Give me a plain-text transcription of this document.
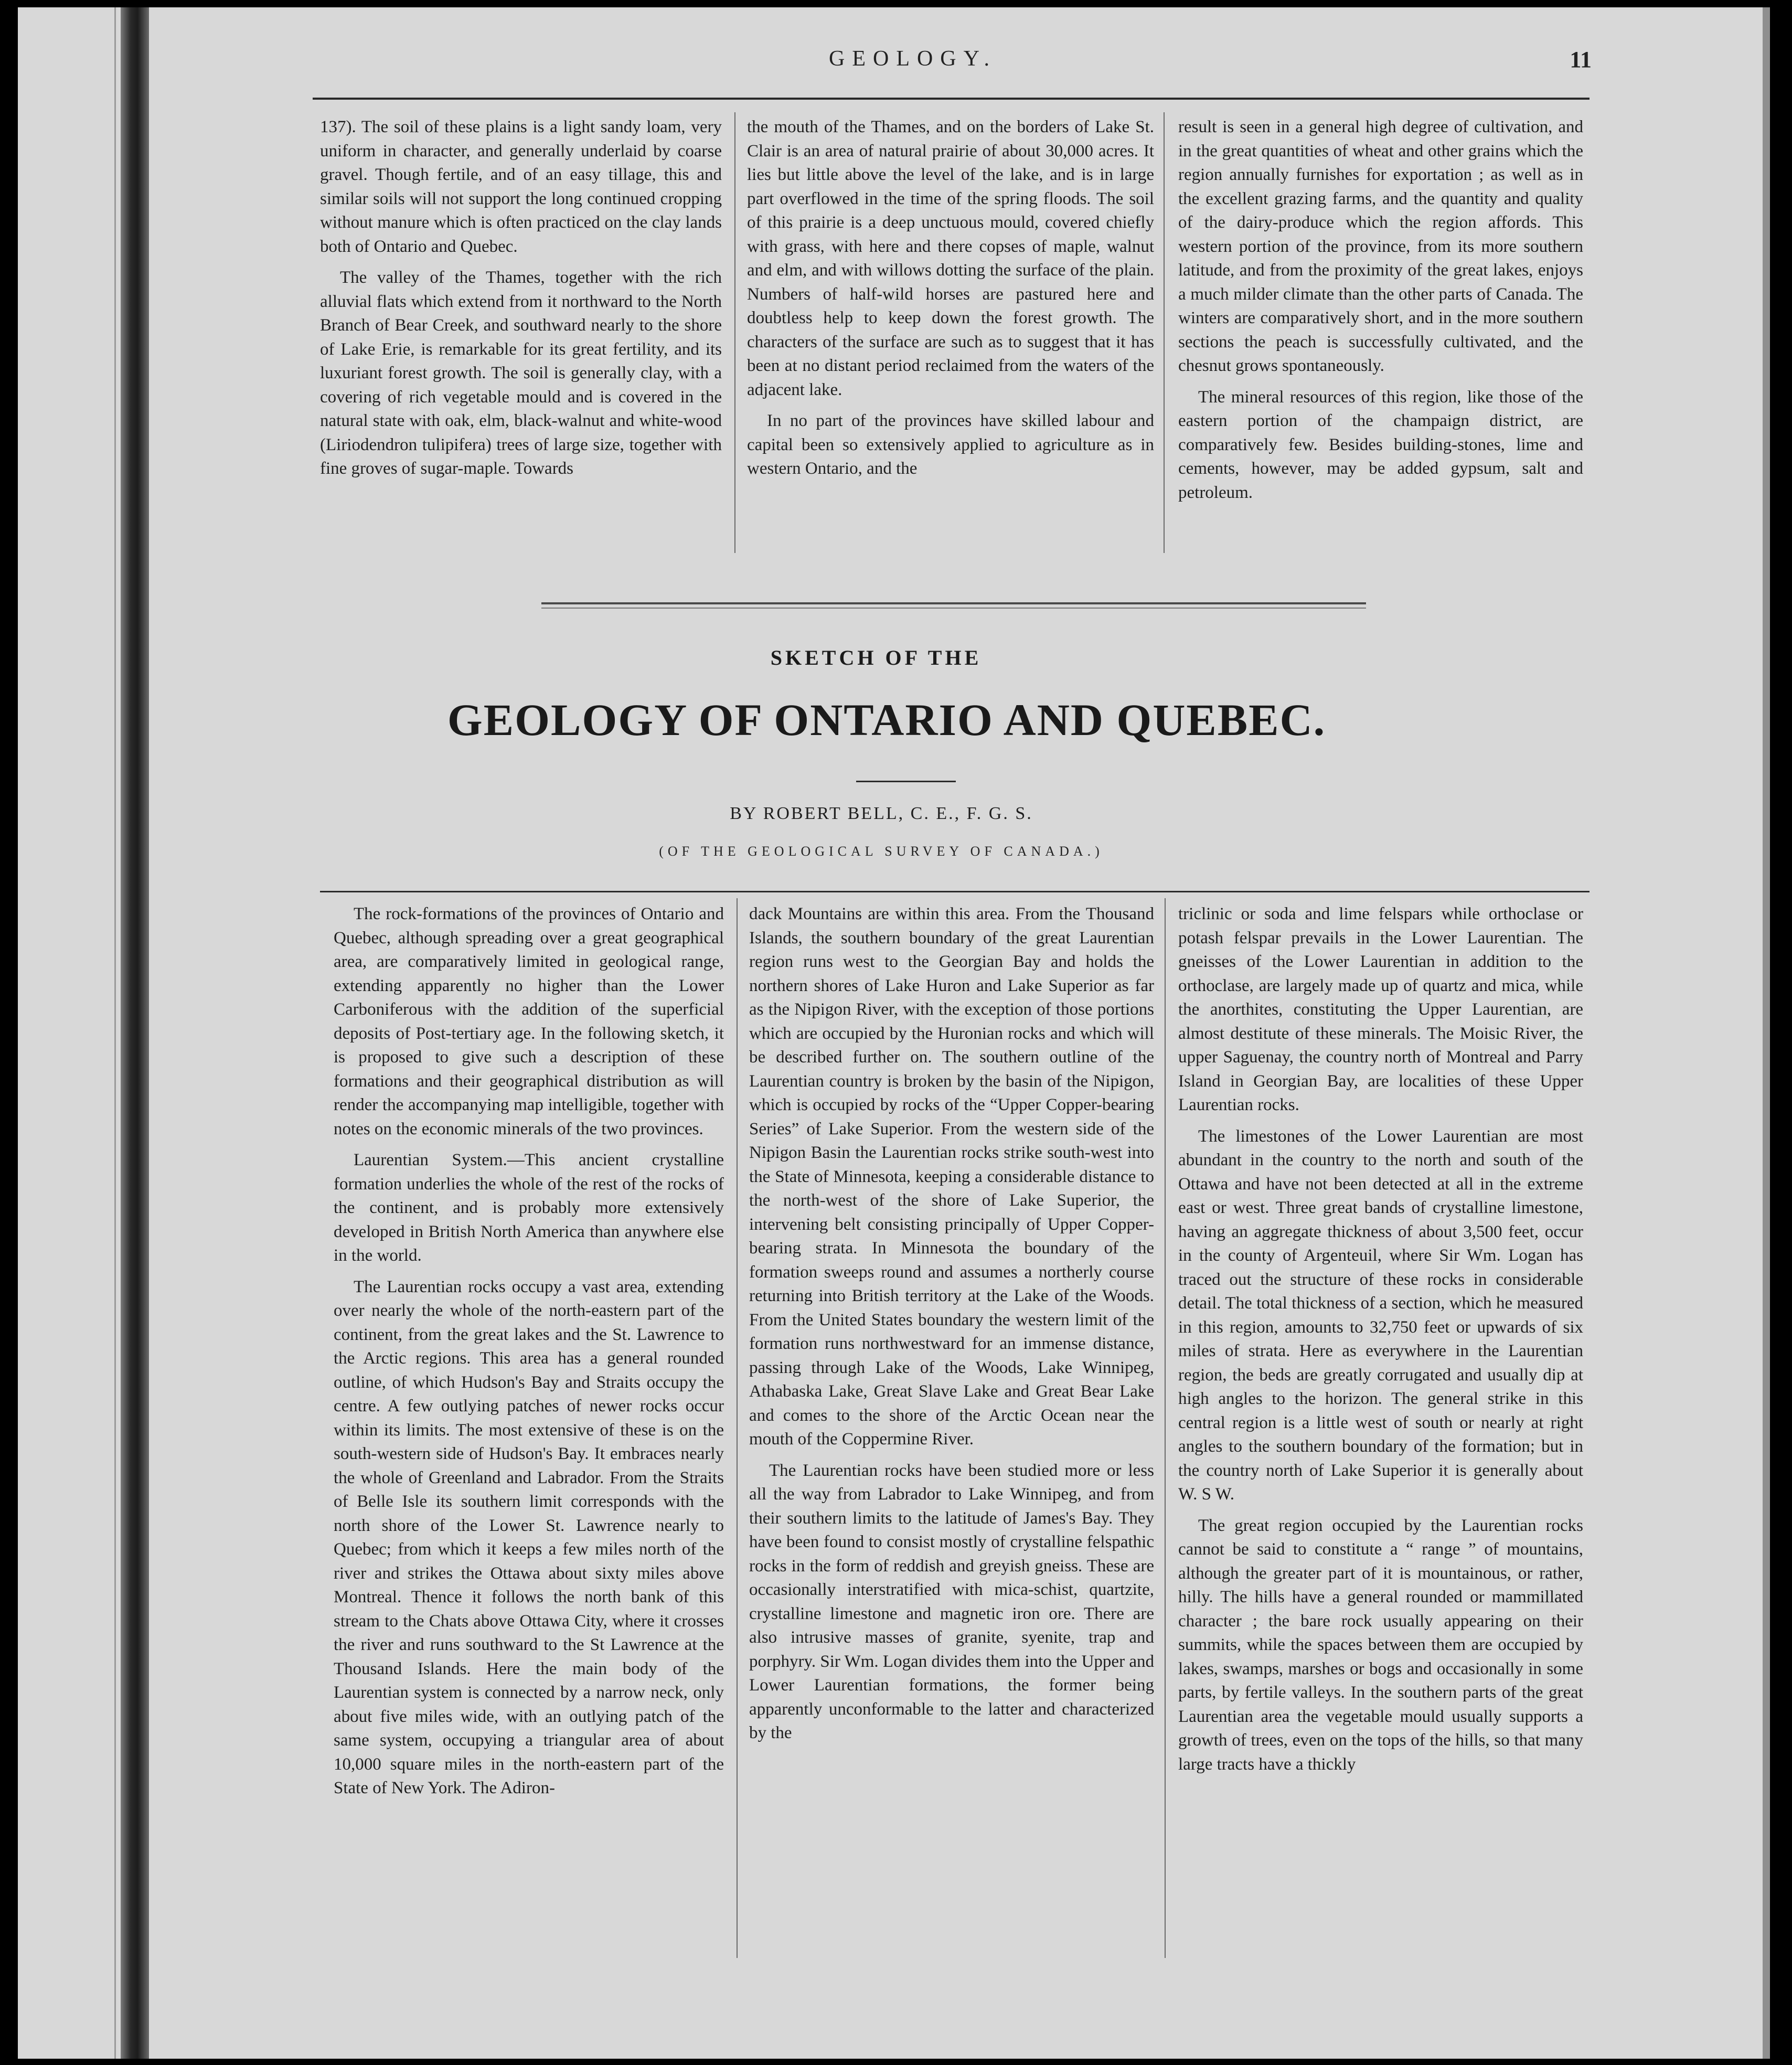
GEOLOGY.	11

137). The soil of these plains is a light sandy loam, very uniform in character, and generally underlaid by coarse gravel. Though fertile, and of an easy tillage, this and similar soils will not support the long continued cropping without manure which is often practiced on the clay lands both of Ontario and Quebec.

The valley of the Thames, together with the rich alluvial flats which extend from it northward to the North Branch of Bear Creek, and southward nearly to the shore of Lake Erie, is remarkable for its great fertility, and its luxuriant forest growth. The soil is generally clay, with a covering of rich vegetable mould and is covered in the natural state with oak, elm, black-walnut and white-wood (Liriodendron tulipifera) trees of large size, together with fine groves of sugar-maple. Towards

the mouth of the Thames, and on the borders of Lake St. Clair is an area of natural prairie of about 30,000 acres. It lies but little above the level of the lake, and is in large part overflowed in the time of the spring floods. The soil of this prairie is a deep unctuous mould, covered chiefly with grass, with here and there copses of maple, walnut and elm, and with willows dotting the surface of the plain. Numbers of half-wild horses are pastured here and doubtless help to keep down the forest growth. The characters of the surface are such as to suggest that it has been at no distant period reclaimed from the waters of the adjacent lake.

In no part of the provinces have skilled labour and capital been so extensively applied to agriculture as in western Ontario, and the

result is seen in a general high degree of cultivation, and in the great quantities of wheat and other grains which the region annually furnishes for exportation ; as well as in the excellent grazing farms, and the quantity and quality of the dairy-produce which the region affords. This western portion of the province, from its more southern latitude, and from the proximity of the great lakes, enjoys a much milder climate than the other parts of Canada. The winters are comparatively short, and in the more southern sections the peach is successfully cultivated, and the chesnut grows spontaneously.

The mineral resources of this region, like those of the eastern portion of the champaign district, are comparatively few. Besides building-stones, lime and cements, however, may be added gypsum, salt and petroleum.

SKETCH OF THE
GEOLOGY OF ONTARIO AND QUEBEC.
BY ROBERT BELL, C. E., F. G. S.
(OF THE GEOLOGICAL SURVEY OF CANADA.)

The rock-formations of the provinces of Ontario and Quebec, although spreading over a great geographical area, are comparatively limited in geological range, extending apparently no higher than the Lower Carboniferous with the addition of the superficial deposits of Post-tertiary age. In the following sketch, it is proposed to give such a description of these formations and their geographical distribution as will render the accompanying map intelligible, together with notes on the economic minerals of the two provinces.

Laurentian System.—This ancient crystalline formation underlies the whole of the rest of the rocks of the continent, and is probably more extensively developed in British North America than anywhere else in the world.

The Laurentian rocks occupy a vast area, extending over nearly the whole of the north-eastern part of the continent, from the great lakes and the St. Lawrence to the Arctic regions. This area has a general rounded outline, of which Hudson's Bay and Straits occupy the centre. A few outlying patches of newer rocks occur within its limits. The most extensive of these is on the south-western side of Hudson's Bay. It embraces nearly the whole of Greenland and Labrador. From the Straits of Belle Isle its southern limit corresponds with the north shore of the Lower St. Lawrence nearly to Quebec; from which it keeps a few miles north of the river and strikes the Ottawa about sixty miles above Montreal. Thence it follows the north bank of this stream to the Chats above Ottawa City, where it crosses the river and runs southward to the St Lawrence at the Thousand Islands. Here the main body of the Laurentian system is connected by a narrow neck, only about five miles wide, with an outlying patch of the same system, occupying a triangular area of about 10,000 square miles in the north-eastern part of the State of New York. The Adiron-

dack Mountains are within this area. From the Thousand Islands, the southern boundary of the great Laurentian region runs west to the Georgian Bay and holds the northern shores of Lake Huron and Lake Superior as far as the Nipigon River, with the exception of those portions which are occupied by the Huronian rocks and which will be described further on. The southern outline of the Laurentian country is broken by the basin of the Nipigon, which is occupied by rocks of the “Upper Copper-bearing Series” of Lake Superior. From the western side of the Nipigon Basin the Laurentian rocks strike south-west into the State of Minnesota, keeping a considerable distance to the north-west of the shore of Lake Superior, the intervening belt consisting principally of Upper Copper-bearing strata. In Minnesota the boundary of the formation sweeps round and assumes a northerly course returning into British territory at the Lake of the Woods. From the United States boundary the western limit of the formation runs northwestward for an immense distance, passing through Lake of the Woods, Lake Winnipeg, Athabaska Lake, Great Slave Lake and Great Bear Lake and comes to the shore of the Arctic Ocean near the mouth of the Coppermine River.

The Laurentian rocks have been studied more or less all the way from Labrador to Lake Winnipeg, and from their southern limits to the latitude of James's Bay. They have been found to consist mostly of crystalline felspathic rocks in the form of reddish and greyish gneiss. These are occasionally interstratified with mica-schist, quartzite, crystalline limestone and magnetic iron ore. There are also intrusive masses of granite, syenite, trap and porphyry. Sir Wm. Logan divides them into the Upper and Lower Laurentian formations, the former being apparently unconformable to the latter and characterized by the

triclinic or soda and lime felspars while orthoclase or potash felspar prevails in the Lower Laurentian. The gneisses of the Lower Laurentian in addition to the orthoclase, are largely made up of quartz and mica, while the anorthites, constituting the Upper Laurentian, are almost destitute of these minerals. The Moisic River, the upper Saguenay, the country north of Montreal and Parry Island in Georgian Bay, are localities of these Upper Laurentian rocks.

The limestones of the Lower Laurentian are most abundant in the country to the north and south of the Ottawa and have not been detected at all in the extreme east or west. Three great bands of crystalline limestone, having an aggregate thickness of about 3,500 feet, occur in the county of Argenteuil, where Sir Wm. Logan has traced out the structure of these rocks in considerable detail. The total thickness of a section, which he measured in this region, amounts to 32,750 feet or upwards of six miles of strata. Here as everywhere in the Laurentian region, the beds are greatly corrugated and usually dip at high angles to the horizon. The general strike in this central region is a little west of south or nearly at right angles to the southern boundary of the formation; but in the country north of Lake Superior it is generally about W. S W.

The great region occupied by the Laurentian rocks cannot be said to constitute a “ range ” of mountains, although the greater part of it is mountainous, or rather, hilly. The hills have a general rounded or mammillated character ; the bare rock usually appearing on their summits, while the spaces between them are occupied by lakes, swamps, marshes or bogs and occasionally in some parts, by fertile valleys. In the southern parts of the great Laurentian area the vegetable mould usually supports a growth of trees, even on the tops of the hills, so that many large tracts have a thickly
